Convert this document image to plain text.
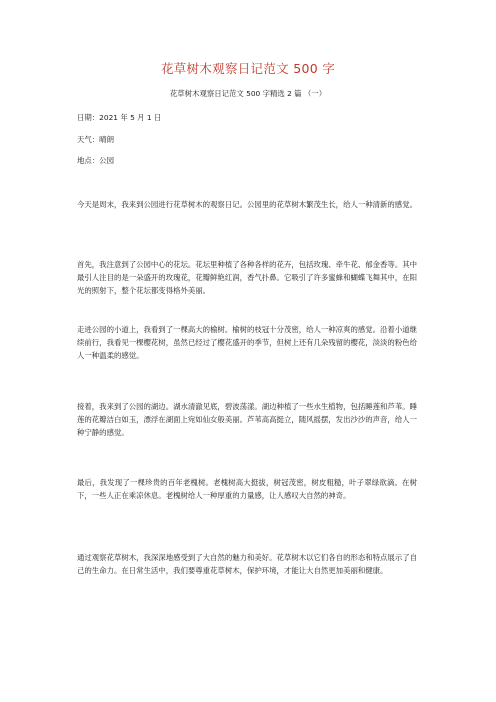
花草树木观察日记范文 500 字
花草树木观察日记范文 500 字精选 2 篇 （一）
日期：2021 年 5 月 1 日
天气：晴朗
地点：公园
今天是周末，我来到公园进行花草树木的观察日记。公园里的花草树木繁茂生长，给人一种清新的感觉。
首先，我注意到了公园中心的花坛。花坛里种植了各种各样的花卉，包括玫瑰、牵牛花、郁金香等。其中最引人注目的是一朵盛开的玫瑰花，花瓣鲜艳红润，香气扑鼻。它吸引了许多蜜蜂和蝴蝶飞舞其中，在阳光的照射下，整个花坛都变得格外美丽。
走进公园的小道上，我看到了一棵高大的榆树。榆树的枝冠十分茂密，给人一种凉爽的感觉。沿着小道继续前行，我看见一棵樱花树，虽然已经过了樱花盛开的季节，但树上还有几朵残留的樱花，淡淡的粉色给人一种温柔的感觉。
接着，我来到了公园的湖边。湖水清澈见底，碧波荡漾。湖边种植了一些水生植物，包括睡莲和芦苇。睡莲的花瓣洁白如玉，漂浮在湖面上宛如仙女般美丽。芦苇高高挺立，随风摇摆，发出沙沙的声音，给人一种宁静的感觉。
最后，我发现了一棵珍贵的百年老槐树。老槐树高大挺拔，树冠茂密，树皮粗糙，叶子翠绿欲滴。在树下，一些人正在乘凉休息。老槐树给人一种厚重的力量感，让人感叹大自然的神奇。
通过观察花草树木，我深深地感受到了大自然的魅力和美好。花草树木以它们各自的形态和特点展示了自己的生命力。在日常生活中，我们要尊重花草树木，保护环境，才能让大自然更加美丽和健康。
